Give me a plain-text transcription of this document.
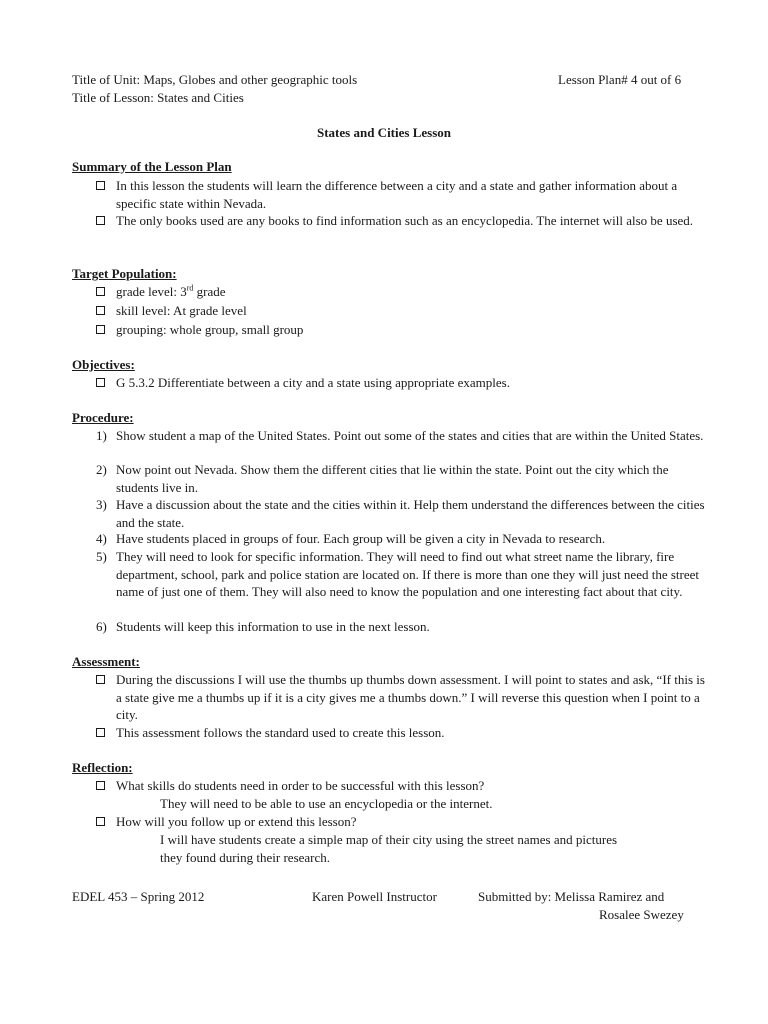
Title of Unit: Maps, Globes and other geographic tools	Lesson Plan# 4 out of 6
Title of Lesson: States and Cities
States and Cities Lesson
Summary of the Lesson Plan
In this lesson the students will learn the difference between a city and a state and gather information about a specific state within Nevada.
The only books used are any books to find information such as an encyclopedia. The internet will also be used.
Target Population:
grade level: 3rd grade
skill level: At grade level
grouping: whole group, small group
Objectives:
G 5.3.2 Differentiate between a city and a state using appropriate examples.
Procedure:
1) Show student a map of the United States. Point out some of the states and cities that are within the United States.
2) Now point out Nevada. Show them the different cities that lie within the state. Point out the city which the students live in.
3) Have a discussion about the state and the cities within it. Help them understand the differences between the cities and the state.
4) Have students placed in groups of four. Each group will be given a city in Nevada to research.
5) They will need to look for specific information. They will need to find out what street name the library, fire department, school, park and police station are located on. If there is more than one they will just need the street name of just one of them. They will also need to know the population and one interesting fact about that city.
6) Students will keep this information to use in the next lesson.
Assessment:
During the discussions I will use the thumbs up thumbs down assessment. I will point to states and ask, “If this is a state give me a thumbs up if it is a city gives me a thumbs down.” I will reverse this question when I point to a city.
This assessment follows the standard used to create this lesson.
Reflection:
What skills do students need in order to be successful with this lesson?
They will need to be able to use an encyclopedia or the internet.
How will you follow up or extend this lesson?
I will have students create a simple map of their city using the street names and pictures
they found during their research.
EDEL 453 – Spring 2012	Karen Powell Instructor	Submitted by: Melissa Ramirez and
Rosalee Swezey
